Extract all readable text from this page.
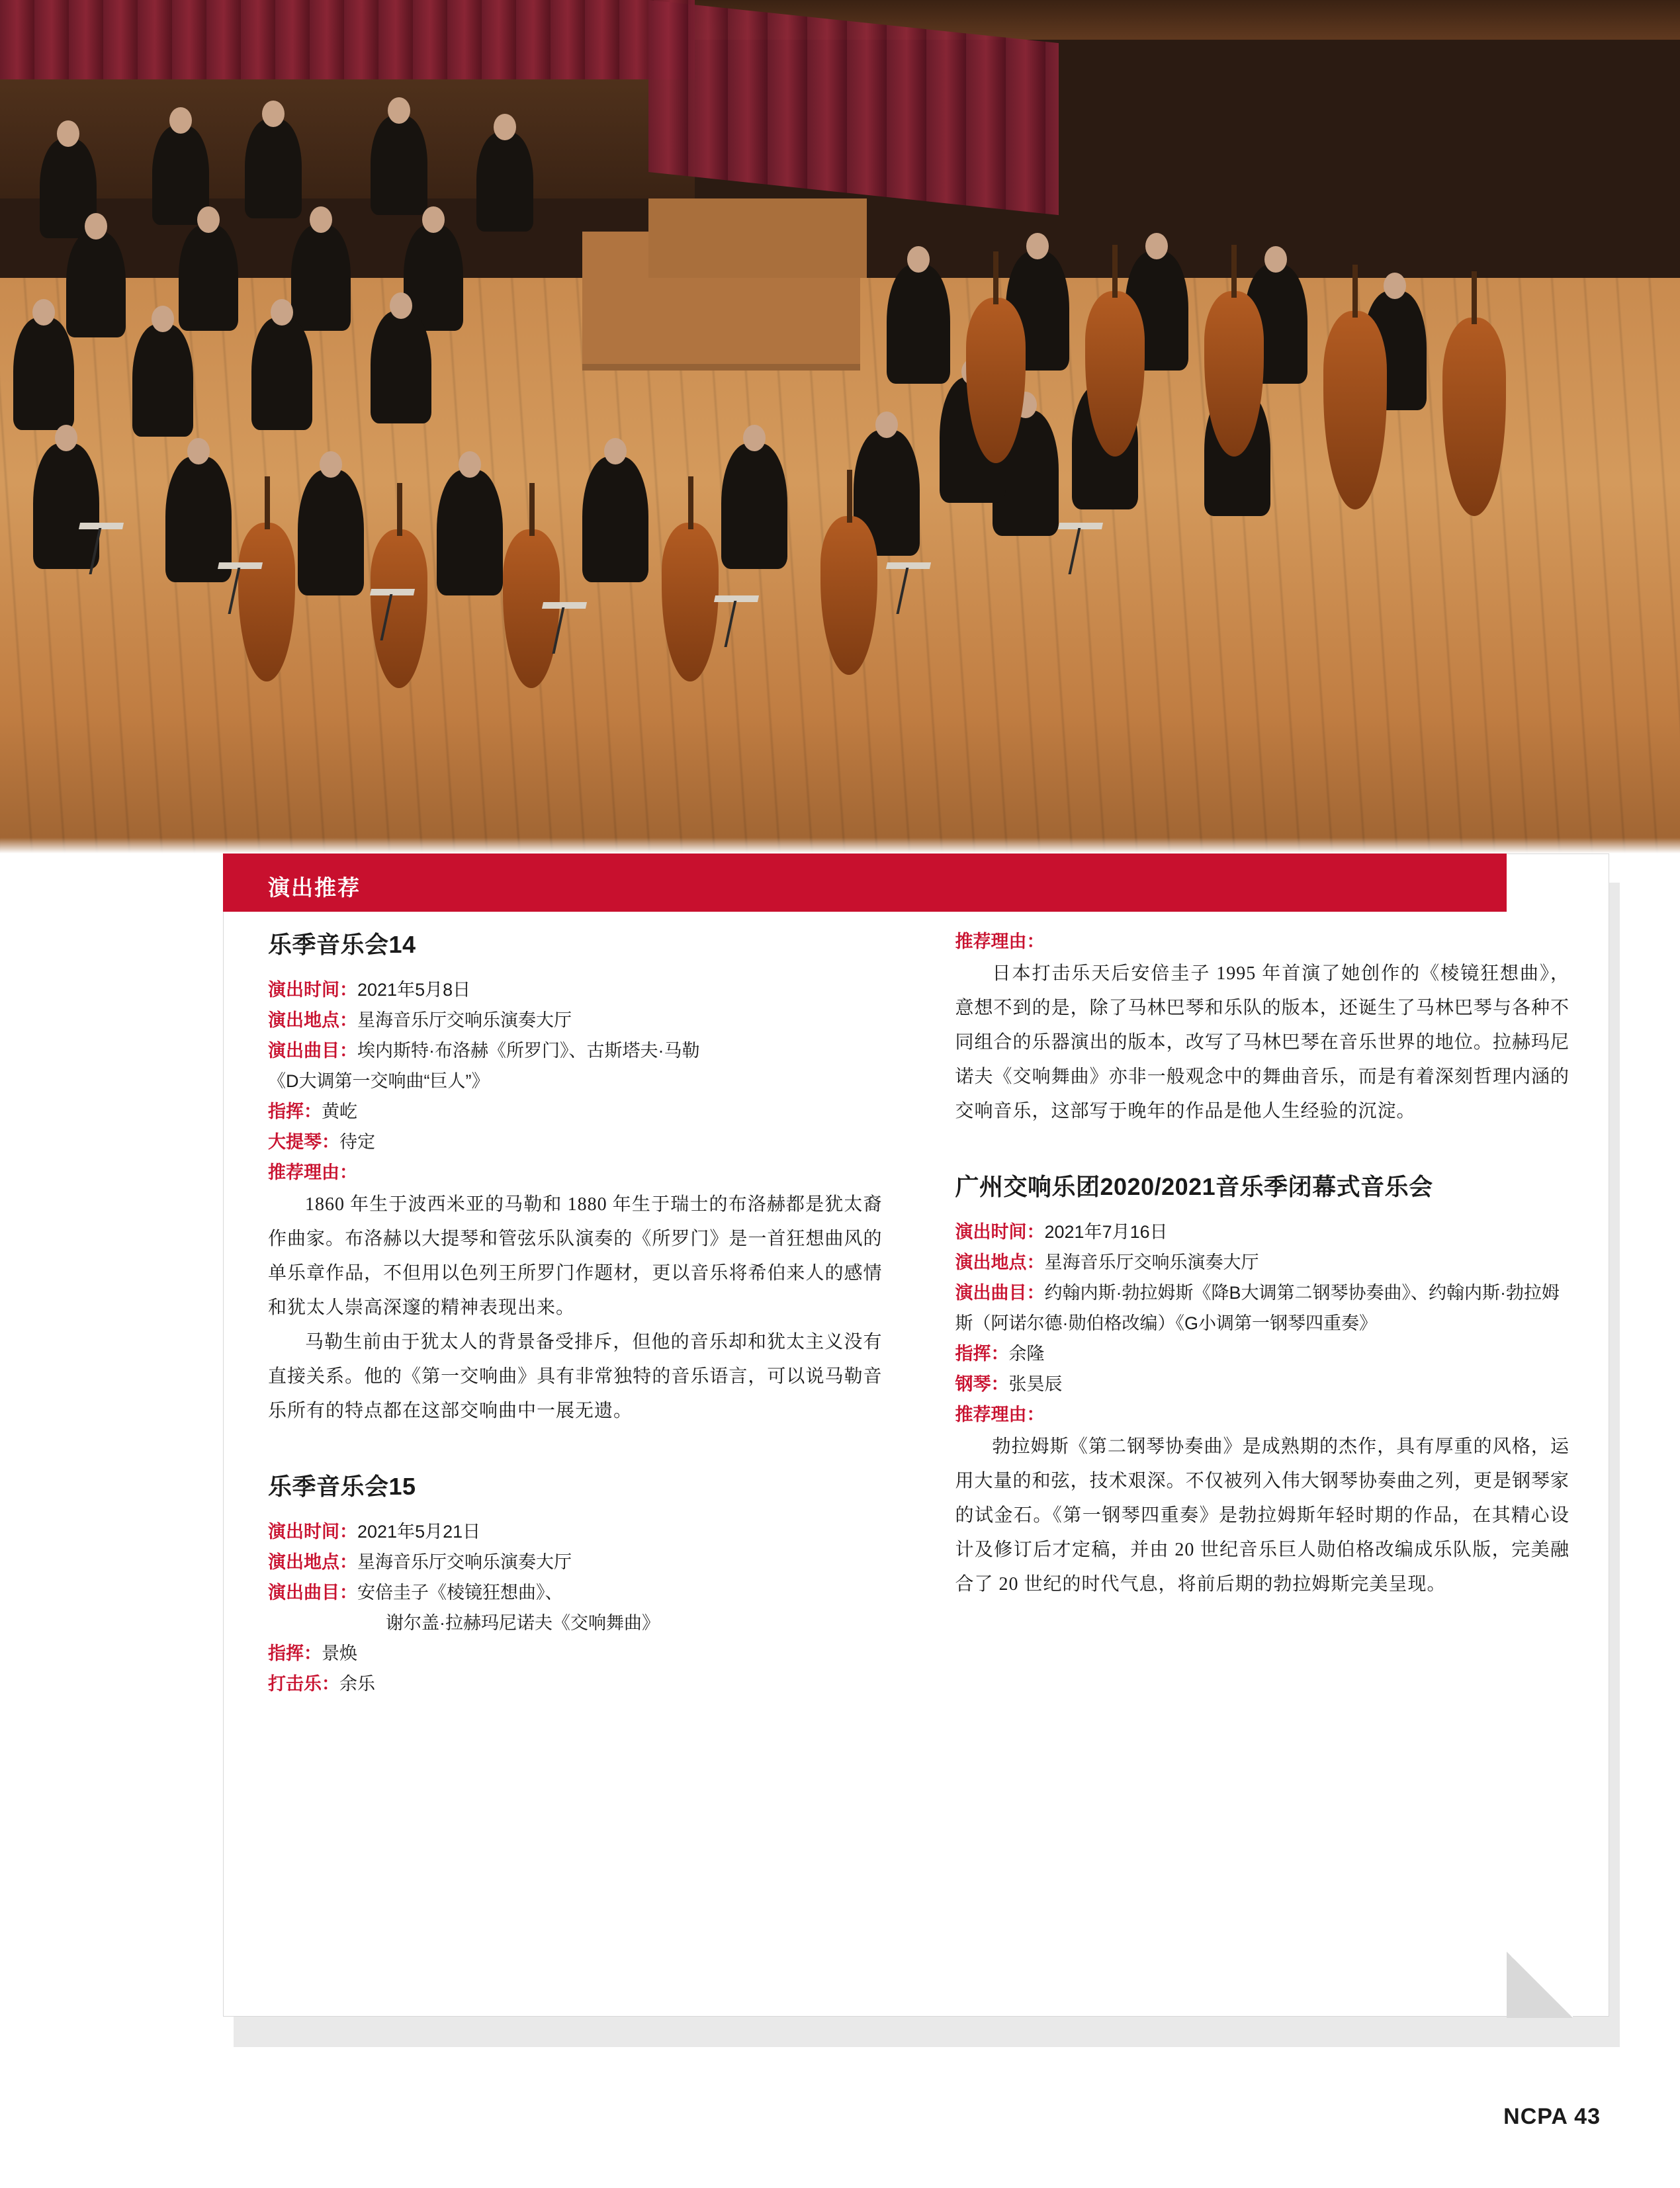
演出推荐
乐季音乐会14

演出时间：2021年5月8日

演出地点：星海音乐厅交响乐演奏大厅

演出曲目：埃内斯特·布洛赫《所罗门》、古斯塔夫·马勒

《D大调第一交响曲“巨人”》

指挥：黄屹

大提琴：待定

推荐理由：

1860 年生于波西米亚的马勒和 1880 年生于瑞士的布洛赫都是犹太裔作曲家。布洛赫以大提琴和管弦乐队演奏的《所罗门》是一首狂想曲风的单乐章作品，不但用以色列王所罗门作题材，更以音乐将希伯来人的感情和犹太人崇高深邃的精神表现出来。

马勒生前由于犹太人的背景备受排斥，但他的音乐却和犹太主义没有直接关系。他的《第一交响曲》具有非常独特的音乐语言，可以说马勒音乐所有的特点都在这部交响曲中一展无遗。

乐季音乐会15

演出时间：2021年5月21日

演出地点：星海音乐厅交响乐演奏大厅

演出曲目：安倍圭子《棱镜狂想曲》、

谢尔盖·拉赫玛尼诺夫《交响舞曲》

指挥：景焕

打击乐：余乐

推荐理由：

日本打击乐天后安倍圭子 1995 年首演了她创作的《棱镜狂想曲》，意想不到的是，除了马林巴琴和乐队的版本，还诞生了马林巴琴与各种不同组合的乐器演出的版本，改写了马林巴琴在音乐世界的地位。拉赫玛尼诺夫《交响舞曲》亦非一般观念中的舞曲音乐，而是有着深刻哲理内涵的交响音乐，这部写于晚年的作品是他人生经验的沉淀。

广州交响乐团2020/2021音乐季闭幕式音乐会

演出时间：2021年7月16日

演出地点：星海音乐厅交响乐演奏大厅

演出曲目：约翰内斯·勃拉姆斯《降B大调第二钢琴协奏曲》、约翰内斯·勃拉姆斯（阿诺尔德·勋伯格改编）《G小调第一钢琴四重奏》

指挥：余隆

钢琴：张昊辰

推荐理由：

勃拉姆斯《第二钢琴协奏曲》是成熟期的杰作，具有厚重的风格，运用大量的和弦，技术艰深。不仅被列入伟大钢琴协奏曲之列，更是钢琴家的试金石。《第一钢琴四重奏》是勃拉姆斯年轻时期的作品，在其精心设计及修订后才定稿，并由 20 世纪音乐巨人勋伯格改编成乐队版，完美融合了 20 世纪的时代气息，将前后期的勃拉姆斯完美呈现。

NCPA 43
